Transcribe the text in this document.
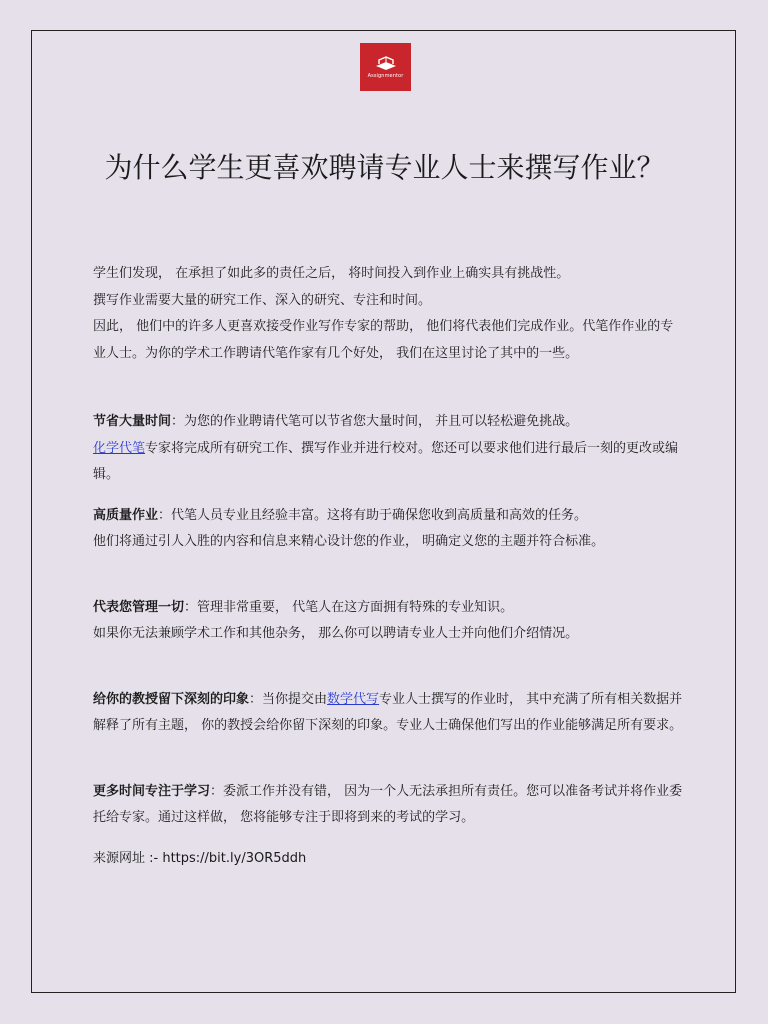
Assignmentor
为什么学生更喜欢聘请专业人士来撰写作业？

学生们发现， 在承担了如此多的责任之后， 将时间投入到作业上确实具有挑战性。

撰写作业需要大量的研究工作、深入的研究、专注和时间。

因此， 他们中的许多人更喜欢接受作业写作专家的帮助， 他们将代表他们完成作业。代笔作作业的专业人士。为你的学术工作聘请代笔作家有几个好处， 我们在这里讨论了其中的一些。

节省大量时间：为您的作业聘请代笔可以节省您大量时间， 并且可以轻松避免挑战。

化学代笔专家将完成所有研究工作、撰写作业并进行校对。您还可以要求他们进行最后一刻的更改或编辑。

高质量作业：代笔人员专业且经验丰富。这将有助于确保您收到高质量和高效的任务。

他们将通过引人入胜的内容和信息来精心设计您的作业， 明确定义您的主题并符合标准。

代表您管理一切：管理非常重要， 代笔人在这方面拥有特殊的专业知识。

如果你无法兼顾学术工作和其他杂务， 那么你可以聘请专业人士并向他们介绍情况。

给你的教授留下深刻的印象：当你提交由数学代写专业人士撰写的作业时， 其中充满了所有相关数据并解释了所有主题， 你的教授会给你留下深刻的印象。专业人士确保他们写出的作业能够满足所有要求。

更多时间专注于学习：委派工作并没有错， 因为一个人无法承担所有责任。您可以准备考试并将作业委托给专家。通过这样做， 您将能够专注于即将到来的考试的学习。

来源网址 :- https://bit.ly/3OR5ddh
